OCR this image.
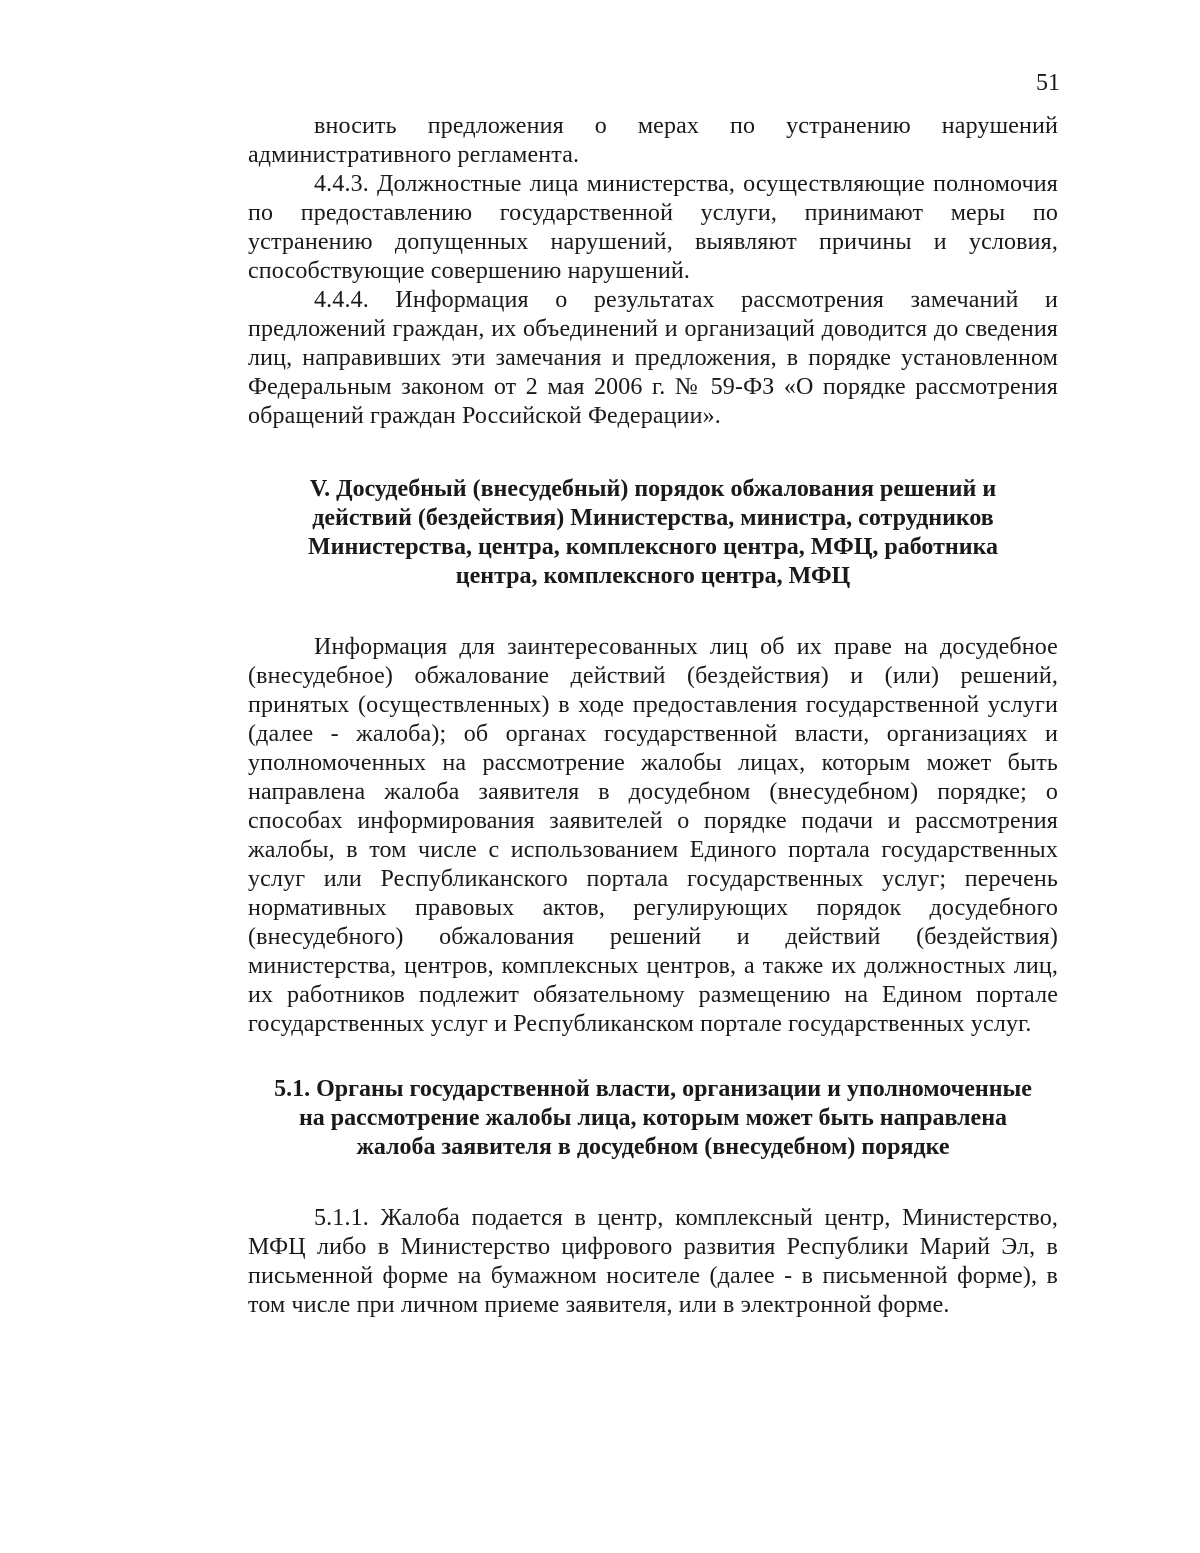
51

вносить предложения о мерах по устранению нарушений административного регламента.

4.4.3. Должностные лица министерства, осуществляющие полномочия по предоставлению государственной услуги, принимают меры по устранению допущенных нарушений, выявляют причины и условия, способствующие совершению нарушений.

4.4.4. Информация о результатах рассмотрения замечаний и предложений граждан, их объединений и организаций доводится до сведения лиц, направивших эти замечания и предложения, в порядке установленном Федеральным законом от 2 мая 2006 г. № 59-ФЗ «О порядке рассмотрения обращений граждан Российской Федерации».

V. Досудебный (внесудебный) порядок обжалования решений и действий (бездействия) Министерства, министра, сотрудников Министерства, центра, комплексного центра, МФЦ, работника центра, комплексного центра, МФЦ

Информация для заинтересованных лиц об их праве на досудебное (внесудебное) обжалование действий (бездействия) и (или) решений, принятых (осуществленных) в ходе предоставления государственной услуги (далее - жалоба); об органах государственной власти, организациях и уполномоченных на рассмотрение жалобы лицах, которым может быть направлена жалоба заявителя в досудебном (внесудебном) порядке; о способах информирования заявителей о порядке подачи и рассмотрения жалобы, в том числе с использованием Единого портала государственных услуг или Республиканского портала государственных услуг; перечень нормативных правовых актов, регулирующих порядок досудебного (внесудебного) обжалования решений и действий (бездействия) министерства, центров, комплексных центров, а также их должностных лиц, их работников подлежит обязательному размещению на Едином портале государственных услуг и Республиканском портале государственных услуг.

5.1. Органы государственной власти, организации и уполномоченные на рассмотрение жалобы лица, которым может быть направлена жалоба заявителя в досудебном (внесудебном) порядке

5.1.1. Жалоба подается в центр, комплексный центр, Министерство, МФЦ либо в Министерство цифрового развития Республики Марий Эл, в письменной форме на бумажном носителе (далее - в письменной форме), в том числе при личном приеме заявителя, или в электронной форме.
